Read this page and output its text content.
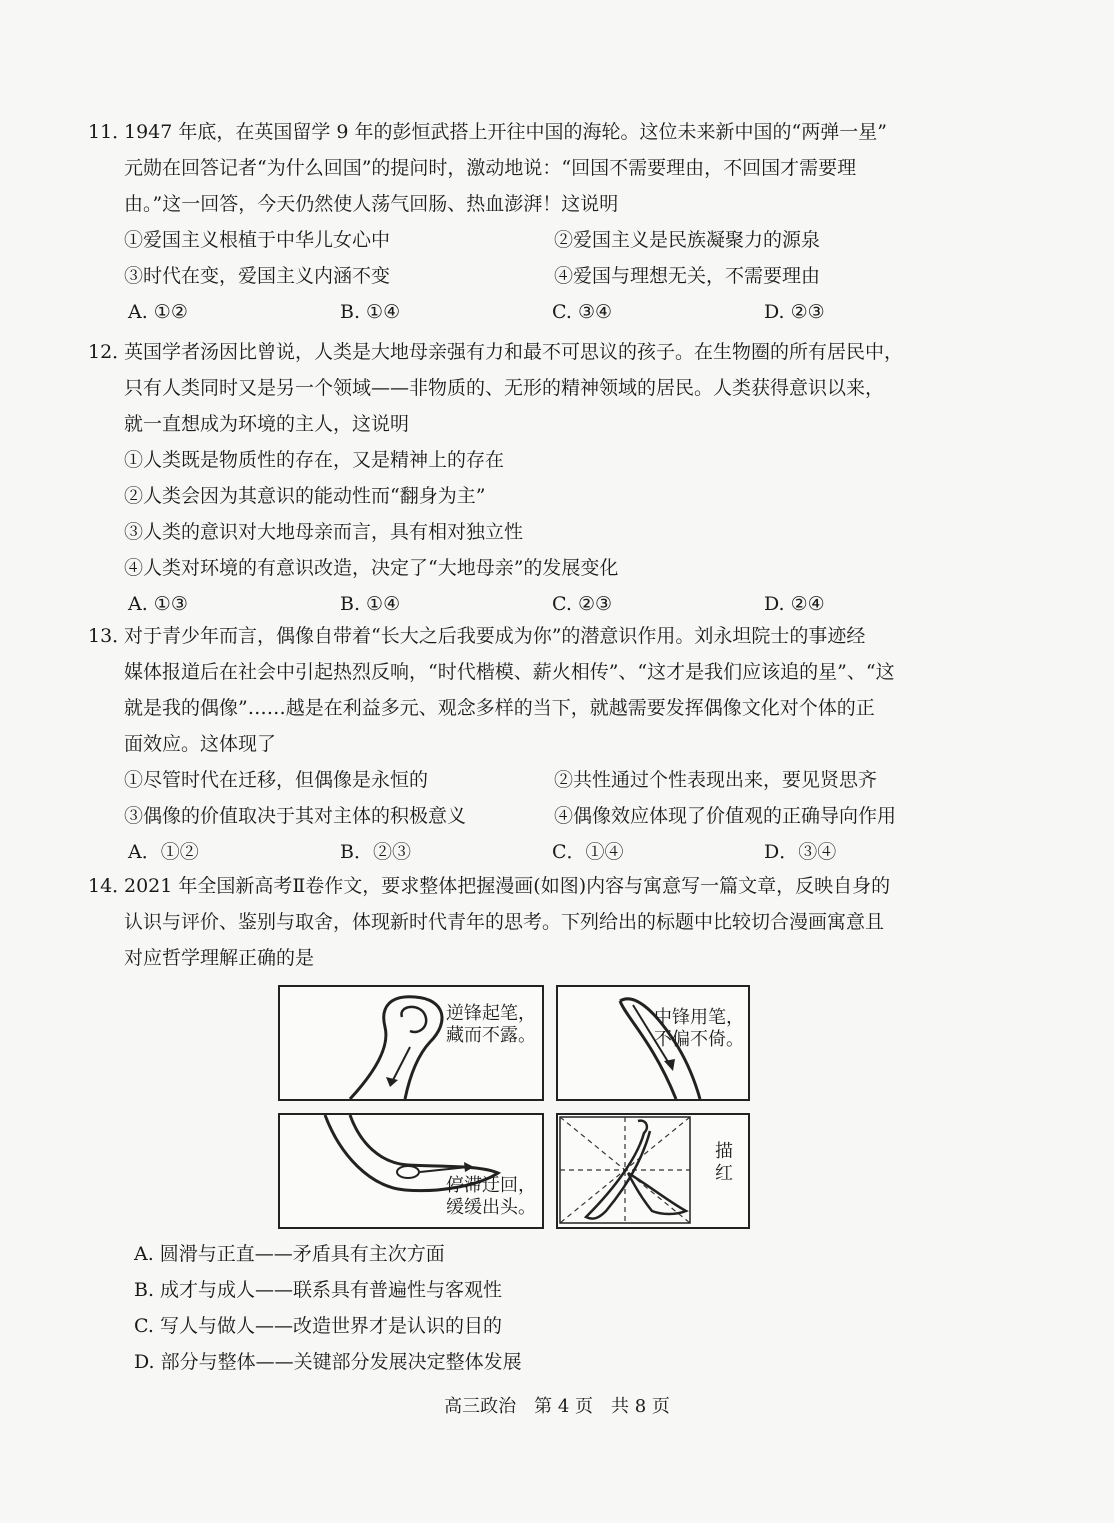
11．1947 年底，在英国留学 9 年的彭恒武搭上开往中国的海轮。这位未来新中国的“两弹一星”
元勋在回答记者“为什么回国”的提问时，激动地说：“回国不需要理由，不回国才需要理
由。”这一回答，今天仍然使人荡气回肠、热血澎湃！这说明
①爱国主义根植于中华儿女心中	②爱国主义是民族凝聚力的源泉
③时代在变，爱国主义内涵不变	④爱国与理想无关，不需要理由
A. ①②	B. ①④	C. ③④	D. ②③
12．英国学者汤因比曾说，人类是大地母亲强有力和最不可思议的孩子。在生物圈的所有居民中，
只有人类同时又是另一个领域——非物质的、无形的精神领域的居民。人类获得意识以来，
就一直想成为环境的主人，这说明
①人类既是物质性的存在，又是精神上的存在
②人类会因为其意识的能动性而“翻身为主”
③人类的意识对大地母亲而言，具有相对独立性
④人类对环境的有意识改造，决定了“大地母亲”的发展变化
A. ①③	B. ①④	C. ②③	D. ②④
13．对于青少年而言，偶像自带着“长大之后我要成为你”的潜意识作用。刘永坦院士的事迹经
媒体报道后在社会中引起热烈反响，“时代楷模、薪火相传”、“这才是我们应该追的星”、“这
就是我的偶像”……越是在利益多元、观念多样的当下，就越需要发挥偶像文化对个体的正
面效应。这体现了
①尽管时代在迁移，但偶像是永恒的	②共性通过个性表现出来，要见贤思齐
③偶像的价值取决于其对主体的积极意义	④偶像效应体现了价值观的正确导向作用
A．①②	B．②③	C．①④	D．③④
14．2021 年全国新高考Ⅱ卷作文，要求整体把握漫画(如图)内容与寓意写一篇文章，反映自身的
认识与评价、鉴别与取舍，体现新时代青年的思考。下列给出的标题中比较切合漫画寓意且
对应哲学理解正确的是
逆锋起笔，
藏而不露。
中锋用笔，
不偏不倚。
停滞迂回，
缓缓出头。
描
红
A. 圆滑与正直——矛盾具有主次方面
B. 成才与成人——联系具有普遍性与客观性
C. 写人与做人——改造世界才是认识的目的
D. 部分与整体——关键部分发展决定整体发展
高三政治　第 4 页　共 8 页
